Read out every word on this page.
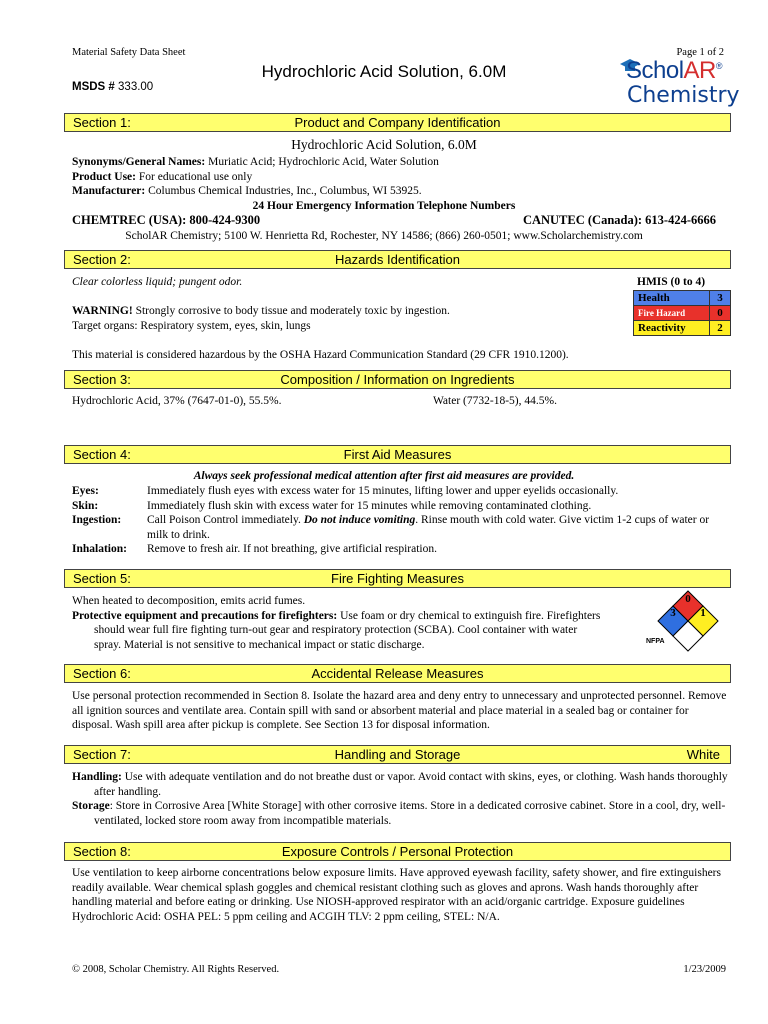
Material Safety Data Sheet	Page 1 of 2
Hydrochloric Acid Solution, 6.0M
MSDS # 333.00
ScholAR®
Chemistry
Section 1:	Product and Company Identification
Hydrochloric Acid Solution, 6.0M
Synonyms/General Names: Muriatic Acid; Hydrochloric Acid, Water Solution
Product Use: For educational use only
Manufacturer: Columbus Chemical Industries, Inc., Columbus, WI 53925.
24 Hour Emergency Information Telephone Numbers
CHEMTREC (USA): 800-424-9300	CANUTEC (Canada): 613-424-6666
ScholAR Chemistry; 5100 W. Henrietta Rd, Rochester, NY 14586; (866) 260-0501; www.Scholarchemistry.com
Section 2:	Hazards Identification
Clear colorless liquid; pungent odor.
WARNING! Strongly corrosive to body tissue and moderately toxic by ingestion.
Target organs: Respiratory system, eyes, skin, lungs
This material is considered hazardous by the OSHA Hazard Communication Standard (29 CFR 1910.1200).
HMIS (0 to 4)
Health	3
Fire Hazard	0
Reactivity	2
Section 3:	Composition / Information on Ingredients
Hydrochloric Acid, 37% (7647-01-0), 55.5%.	Water (7732-18-5), 44.5%.
Section 4:	First Aid Measures
Always seek professional medical attention after first aid measures are provided.
Eyes:	Immediately flush eyes with excess water for 15 minutes, lifting lower and upper eyelids occasionally.
Skin:	Immediately flush skin with excess water for 15 minutes while removing contaminated clothing.
Ingestion:	Call Poison Control immediately. Do not induce vomiting. Rinse mouth with cold water. Give victim 1-2 cups of water or milk to drink.
Inhalation:	Remove to fresh air. If not breathing, give artificial respiration.
Section 5:	Fire Fighting Measures
When heated to decomposition, emits acrid fumes.
Protective equipment and precautions for firefighters: Use foam or dry chemical to extinguish fire. Firefighters should wear full fire fighting turn-out gear and respiratory protection (SCBA). Cool container with water spray. Material is not sensitive to mechanical impact or static discharge.
0
3 1
NFPA
Section 6:	Accidental Release Measures
Use personal protection recommended in Section 8. Isolate the hazard area and deny entry to unnecessary and unprotected personnel. Remove all ignition sources and ventilate area. Contain spill with sand or absorbent material and place material in a sealed bag or container for disposal. Wash spill area after pickup is complete. See Section 13 for disposal information.
Section 7:	Handling and Storage	White
Handling: Use with adequate ventilation and do not breathe dust or vapor. Avoid contact with skins, eyes, or clothing. Wash hands thoroughly after handling.
Storage: Store in Corrosive Area [White Storage] with other corrosive items. Store in a dedicated corrosive cabinet. Store in a cool, dry, well-ventilated, locked store room away from incompatible materials.
Section 8:	Exposure Controls / Personal Protection
Use ventilation to keep airborne concentrations below exposure limits. Have approved eyewash facility, safety shower, and fire extinguishers readily available. Wear chemical splash goggles and chemical resistant clothing such as gloves and aprons. Wash hands thoroughly after handling material and before eating or drinking. Use NIOSH-approved respirator with an acid/organic cartridge. Exposure guidelines Hydrochloric Acid: OSHA PEL: 5 ppm ceiling and ACGIH TLV: 2 ppm ceiling, STEL: N/A.
© 2008, Scholar Chemistry. All Rights Reserved.	1/23/2009
